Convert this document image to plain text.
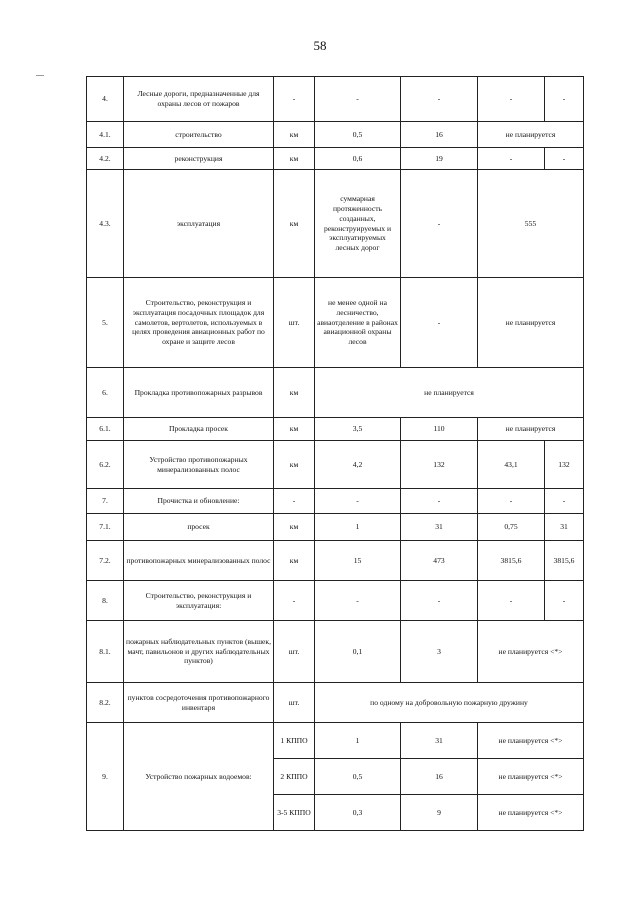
58
4.	Лесные дороги, предназначенные для охраны лесов от пожаров	-	-	-	-	-
4.1.	строительство	км	0,5	16	не планируется	
4.2.	реконструкция	км	0,6	19	-	-
4.3.	эксплуатация	км	суммарная протяженность созданных, реконструируемых и эксплуатируемых лесных дорог	-	555	
5.	Строительство, реконструкция и эксплуатация посадочных площадок для самолетов, вертолетов, используемых в целях проведения авиационных работ по охране и защите лесов	шт.	не менее одной на лесничество, авиаотделение в районах авиационной охраны лесов	-	не планируется	
6.	Прокладка противопожарных разрывов	км	не планируется			
6.1.	Прокладка просек	км	3,5	110	не планируется	
6.2.	Устройство противопожарных минерализованных полос	км	4,2	132	43,1	132
7.	Прочистка и обновление:	-	-	-	-	-
7.1.	просек	км	1	31	0,75	31
7.2.	противопожарных минерализованных полос	км	15	473	3815,6	3815,6
8.	Строительство, реконструкция и эксплуатация:	-	-	-	-	-
8.1.	пожарных наблюдательных пунктов (вышек, мачт, павильонов и других наблюдательных пунктов)	шт.	0,1	3	не планируется <*>	
8.2.	пунктов сосредоточения противопожарного инвентаря	шт.	по одному на добровольную пожарную дружину			
9.	Устройство пожарных водоемов:	1 КППО	1	31	не планируется <*>	
		2 КППО	0,5	16	не планируется <*>	
		3-5 КППО	0,3	9	не планируется <*>	
